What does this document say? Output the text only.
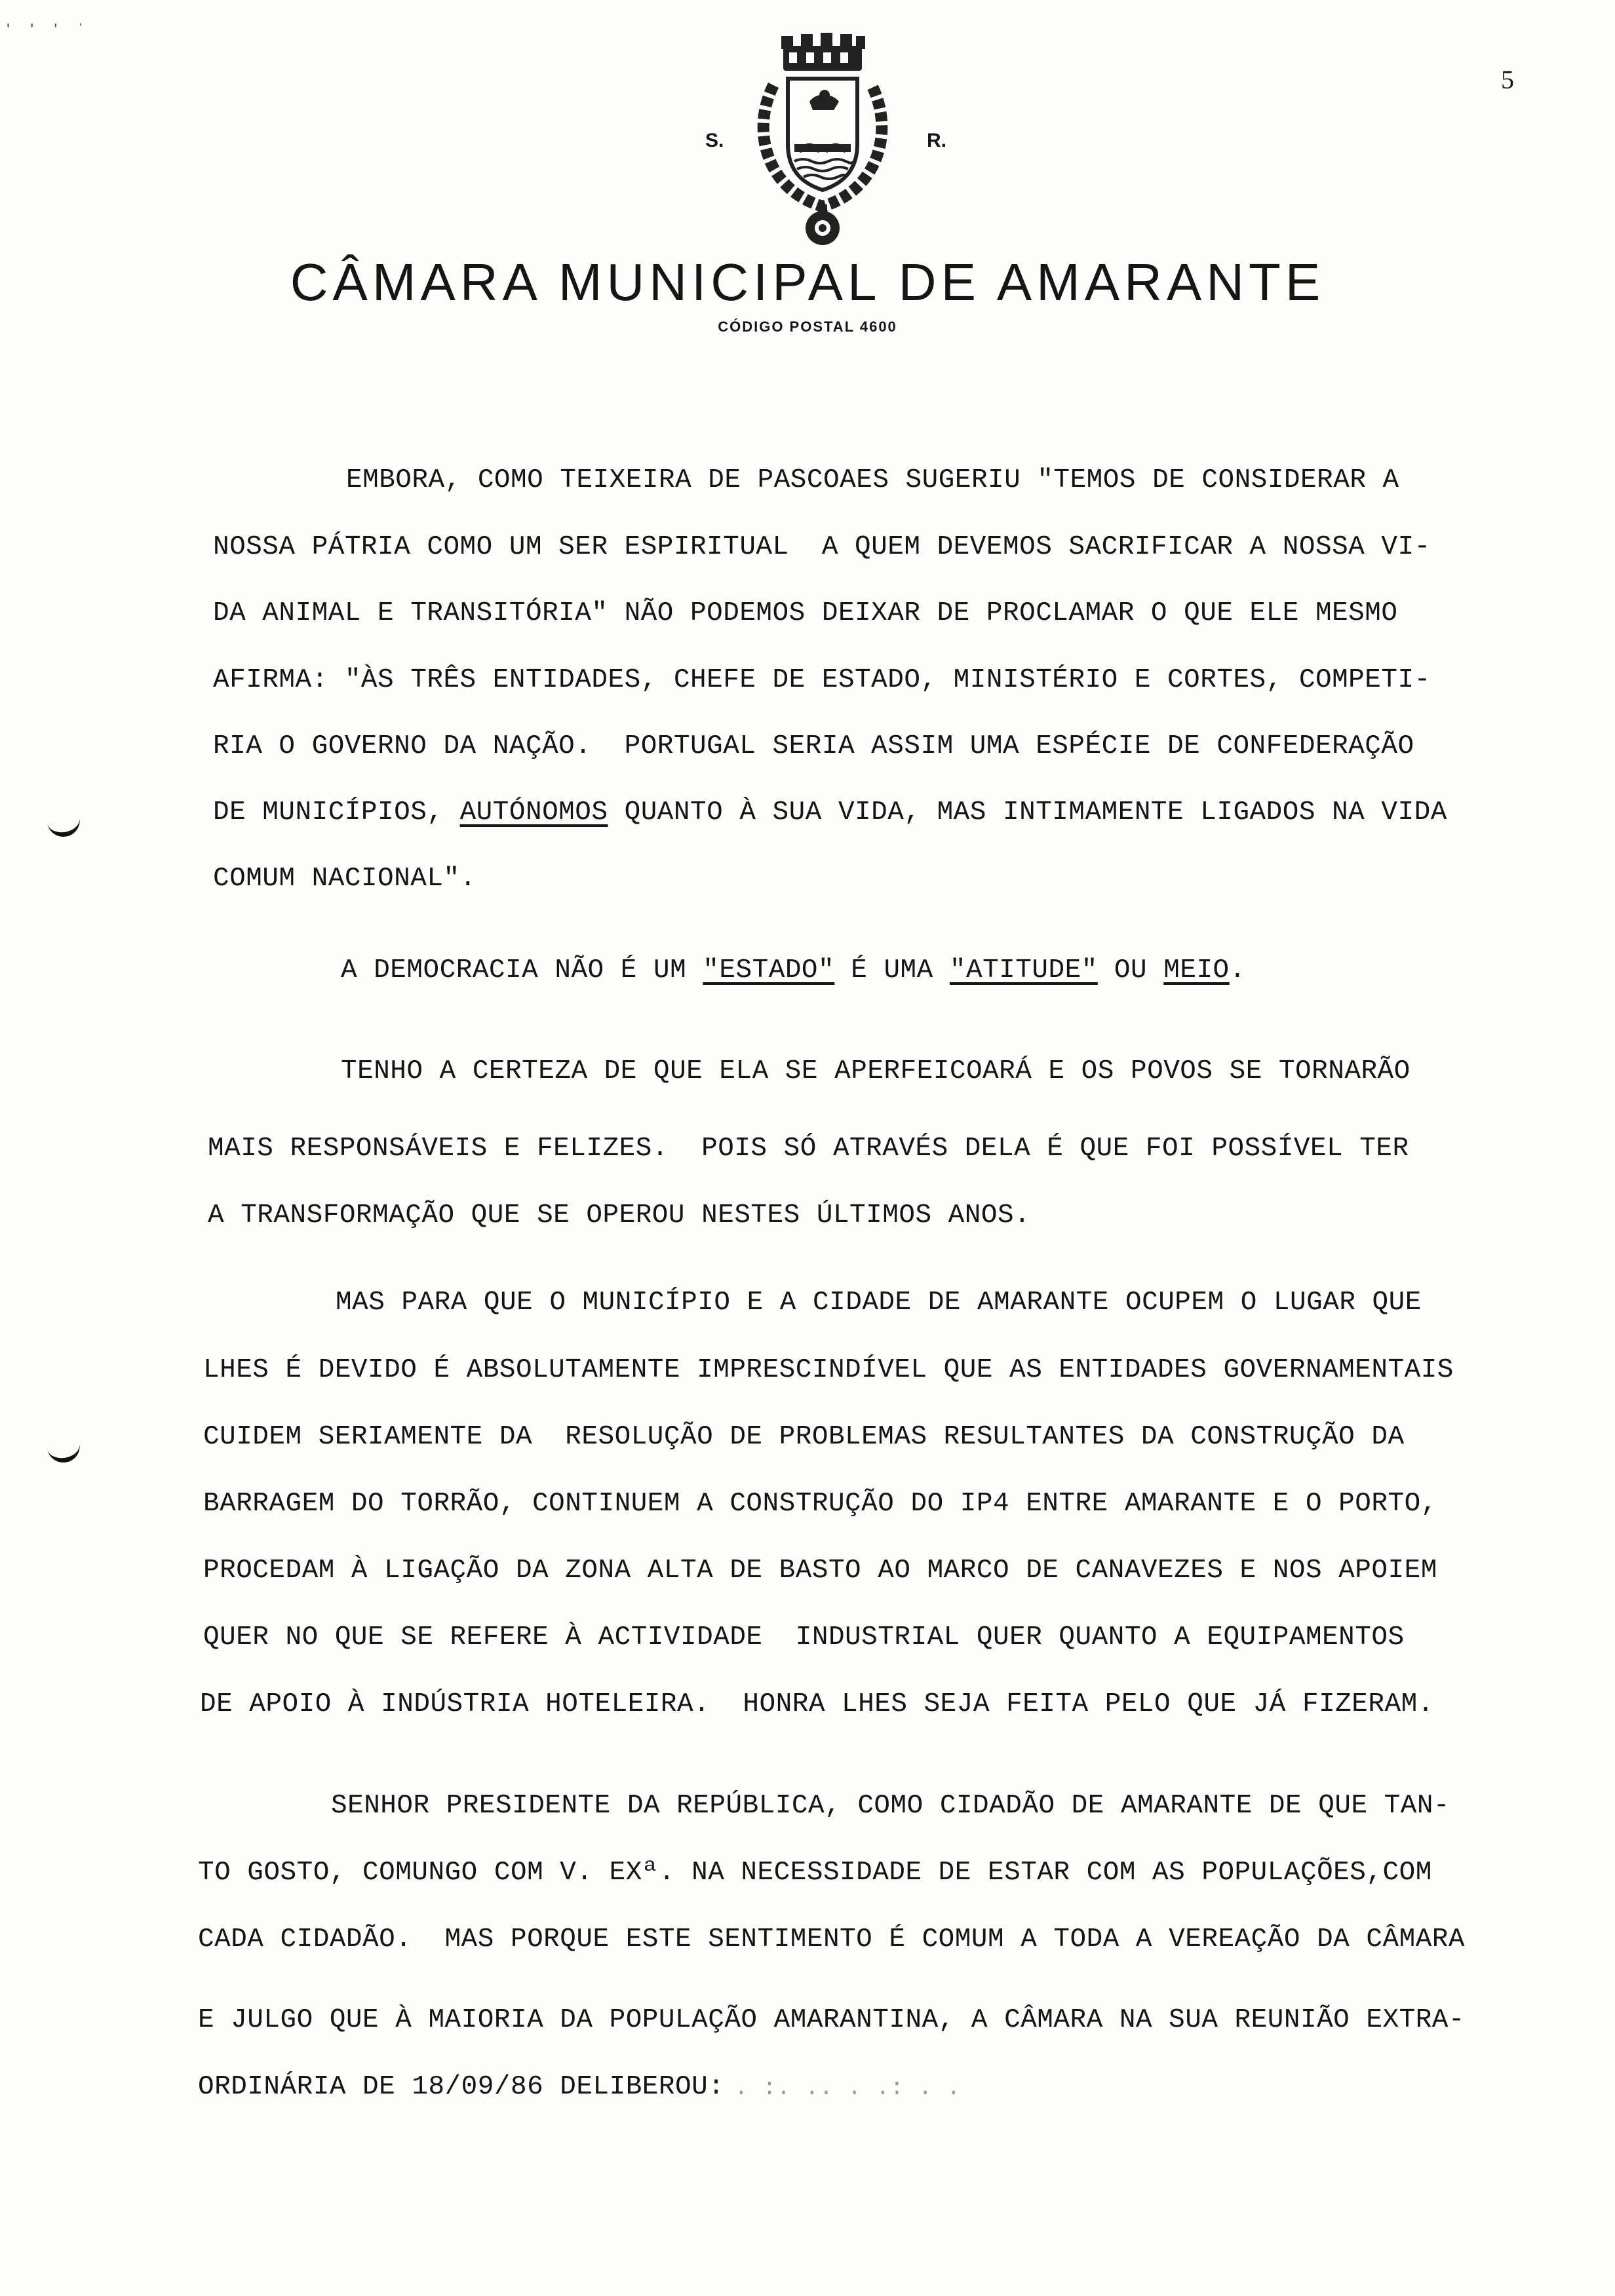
' ' ' ˈ
5
S.	R.
CÂMARA MUNICIPAL DE AMARANTE
CÓDIGO POSTAL 4600
EMBORA, COMO TEIXEIRA DE PASCOAES SUGERIU "TEMOS DE CONSIDERAR A
NOSSA PÁTRIA COMO UM SER ESPIRITUAL  A QUEM DEVEMOS SACRIFICAR A NOSSA VI-
DA ANIMAL E TRANSITÓRIA" NÃO PODEMOS DEIXAR DE PROCLAMAR O QUE ELE MESMO
AFIRMA: "ÀS TRÊS ENTIDADES, CHEFE DE ESTADO, MINISTÉRIO E CORTES, COMPETI-
RIA O GOVERNO DA NAÇÃO.  PORTUGAL SERIA ASSIM UMA ESPÉCIE DE CONFEDERAÇÃO
DE MUNICÍPIOS, AUTÓNOMOS QUANTO À SUA VIDA, MAS INTIMAMENTE LIGADOS NA VIDA
COMUM NACIONAL".
A DEMOCRACIA NÃO É UM "ESTADO" É UMA "ATITUDE" OU MEIO.
TENHO A CERTEZA DE QUE ELA SE APERFEICOARÁ E OS POVOS SE TORNARÃO
MAIS RESPONSÁVEIS E FELIZES.  POIS SÓ ATRAVÉS DELA É QUE FOI POSSÍVEL TER
A TRANSFORMAÇÃO QUE SE OPEROU NESTES ÚLTIMOS ANOS.
MAS PARA QUE O MUNICÍPIO E A CIDADE DE AMARANTE OCUPEM O LUGAR QUE
LHES É DEVIDO É ABSOLUTAMENTE IMPRESCINDÍVEL QUE AS ENTIDADES GOVERNAMENTAIS
CUIDEM SERIAMENTE DA  RESOLUÇÃO DE PROBLEMAS RESULTANTES DA CONSTRUÇÃO DA
BARRAGEM DO TORRÃO, CONTINUEM A CONSTRUÇÃO DO IP4 ENTRE AMARANTE E O PORTO,
PROCEDAM À LIGAÇÃO DA ZONA ALTA DE BASTO AO MARCO DE CANAVEZES E NOS APOIEM
QUER NO QUE SE REFERE À ACTIVIDADE  INDUSTRIAL QUER QUANTO A EQUIPAMENTOS
DE APOIO À INDÚSTRIA HOTELEIRA.  HONRA LHES SEJA FEITA PELO QUE JÁ FIZERAM.
SENHOR PRESIDENTE DA REPÚBLICA, COMO CIDADÃO DE AMARANTE DE QUE TAN-
TO GOSTO, COMUNGO COM V. EXª. NA NECESSIDADE DE ESTAR COM AS POPULAÇÕES,COM
CADA CIDADÃO.  MAS PORQUE ESTE SENTIMENTO É COMUM A TODA A VEREAÇÃO DA CÂMARA
E JULGO QUE À MAIORIA DA POPULAÇÃO AMARANTINA, A CÂMARA NA SUA REUNIÃO EXTRA-
ORDINÁRIA DE 18/09/86 DELIBEROU: . :. .. . .: . .
